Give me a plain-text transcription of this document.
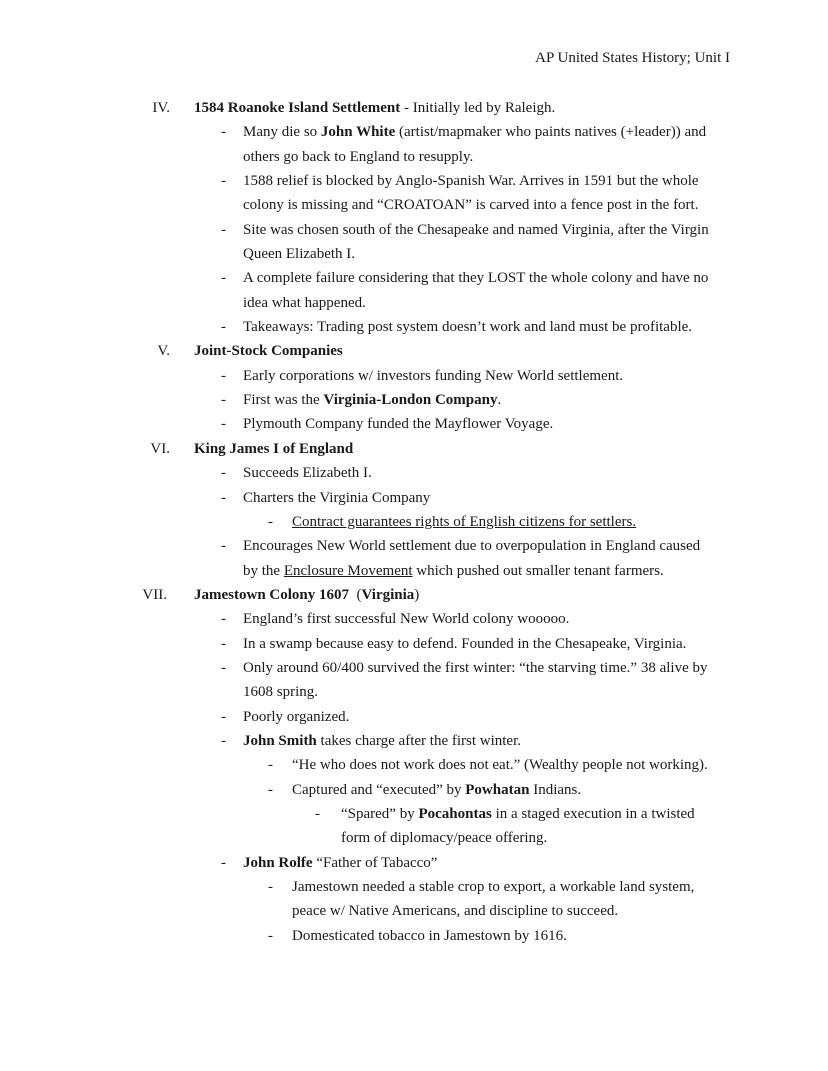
AP United States History; Unit I
IV. 1584 Roanoke Island Settlement - Initially led by Raleigh.
- Many die so John White (artist/mapmaker who paints natives (+leader)) and
others go back to England to resupply.
- 1588 relief is blocked by Anglo-Spanish War. Arrives in 1591 but the whole
colony is missing and “CROATOAN” is carved into a fence post in the fort.
- Site was chosen south of the Chesapeake and named Virginia, after the Virgin
Queen Elizabeth I.
- A complete failure considering that they LOST the whole colony and have no
idea what happened.
- Takeaways: Trading post system doesn’t work and land must be profitable.
V. Joint-Stock Companies
- Early corporations w/ investors funding New World settlement.
- First was the Virginia-London Company.
- Plymouth Company funded the Mayflower Voyage.
VI. King James I of England
- Succeeds Elizabeth I.
- Charters the Virginia Company
- Contract guarantees rights of English citizens for settlers.
- Encourages New World settlement due to overpopulation in England caused
by the Enclosure Movement which pushed out smaller tenant farmers.
VII. Jamestown Colony 1607  (Virginia)
- England’s first successful New World colony wooooo.
- In a swamp because easy to defend. Founded in the Chesapeake, Virginia.
- Only around 60/400 survived the first winter: “the starving time.” 38 alive by
1608 spring.
- Poorly organized.
- John Smith takes charge after the first winter.
- “He who does not work does not eat.” (Wealthy people not working).
- Captured and “executed” by Powhatan Indians.
- “Spared” by Pocahontas in a staged execution in a twisted
form of diplomacy/peace offering.
- John Rolfe “Father of Tabacco”
- Jamestown needed a stable crop to export, a workable land system,
peace w/ Native Americans, and discipline to succeed.
- Domesticated tobacco in Jamestown by 1616.
